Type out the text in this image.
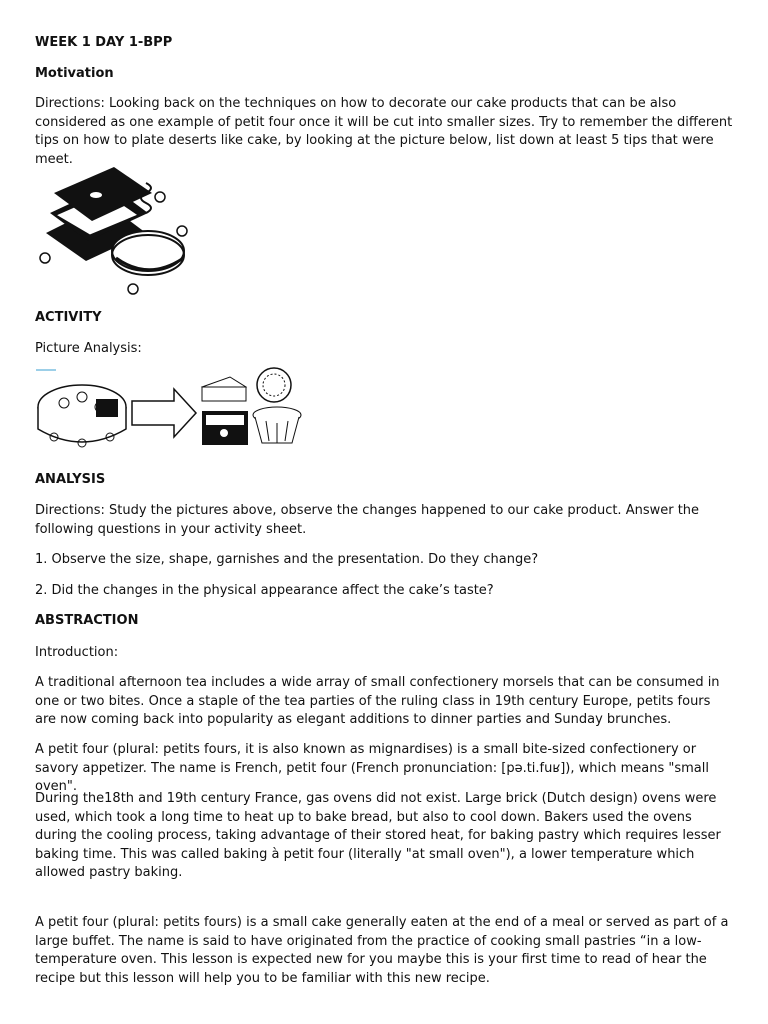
WEEK 1 DAY 1-BPP
Motivation
Directions: Looking back on the techniques on how to decorate our cake products that can be also considered as one example of petit four once it will be cut into smaller sizes. Try to remember the different tips on how to plate deserts like cake, by looking at the picture below, list down at least 5 tips that were meet.
ACTIVITY
Picture Analysis:
ANALYSIS
Directions: Study the pictures above, observe the changes happened to our cake product. Answer the following questions in your activity sheet.
1. Observe the size, shape, garnishes and the presentation. Do they change?
2. Did the changes in the physical appearance affect the cake’s taste?
ABSTRACTION
Introduction:
A traditional afternoon tea includes a wide array of small confectionery morsels that can be consumed in one or two bites. Once a staple of the tea parties of the ruling class in 19th century Europe, petits fours are now coming back into popularity as elegant additions to dinner parties and Sunday brunches.
A petit four (plural: petits fours, it is also known as mignardises) is a small bite-sized confectionery or savory appetizer. The name is French, petit four (French pronunciation: [pə.ti.fuʁ]), which means "small oven".
During the18th and 19th century France, gas ovens did not exist. Large brick (Dutch design) ovens were used, which took a long time to heat up to bake bread, but also to cool down. Bakers used the ovens during the cooling process, taking advantage of their stored heat, for baking pastry which requires lesser baking time. This was called baking à petit four (literally "at small oven"), a lower temperature which allowed pastry baking.
A petit four (plural: petits fours) is a small cake generally eaten at the end of a meal or served as part of a large buffet. The name is said to have originated from the practice of cooking small pastries “in a low-temperature oven. This lesson is expected new for you maybe this is your first time to read of hear the recipe but this lesson will help you to be familiar with this new recipe.
